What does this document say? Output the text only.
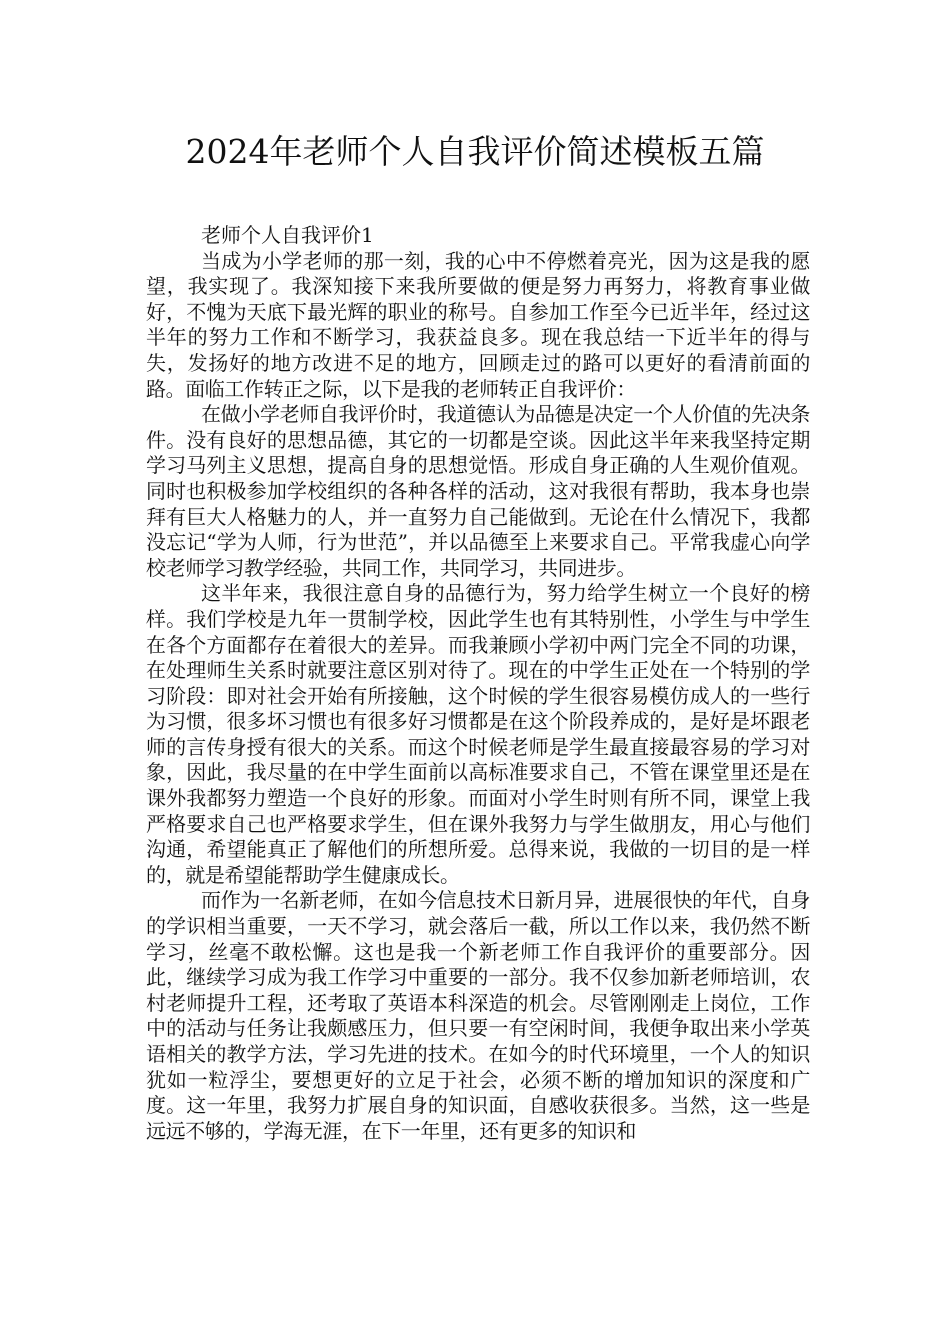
2024年老师个人自我评价简述模板五篇

老师个人自我评价1

当成为小学老师的那一刻，我的心中不停燃着亮光，因为这是我的愿望，我实现了。我深知接下来我所要做的便是努力再努力，将教育事业做好，不愧为天底下最光辉的职业的称号。自参加工作至今已近半年，经过这半年的努力工作和不断学习，我获益良多。现在我总结一下近半年的得与失，发扬好的地方改进不足的地方，回顾走过的路可以更好的看清前面的路。面临工作转正之际，以下是我的老师转正自我评价：

在做小学老师自我评价时，我道德认为品德是决定一个人价值的先决条件。没有良好的思想品德，其它的一切都是空谈。因此这半年来我坚持定期学习马列主义思想，提高自身的思想觉悟。形成自身正确的人生观价值观。同时也积极参加学校组织的各种各样的活动，这对我很有帮助，我本身也崇拜有巨大人格魅力的人，并一直努力自己能做到。无论在什么情况下，我都没忘记“学为人师，行为世范”，并以品德至上来要求自己。平常我虚心向学校老师学习教学经验，共同工作，共同学习，共同进步。

这半年来，我很注意自身的品德行为，努力给学生树立一个良好的榜样。我们学校是九年一贯制学校，因此学生也有其特别性，小学生与中学生在各个方面都存在着很大的差异。而我兼顾小学初中两门完全不同的功课，在处理师生关系时就要注意区别对待了。现在的中学生正处在一个特别的学习阶段：即对社会开始有所接触，这个时候的学生很容易模仿成人的一些行为习惯，很多坏习惯也有很多好习惯都是在这个阶段养成的，是好是坏跟老师的言传身授有很大的关系。而这个时候老师是学生最直接最容易的学习对象，因此，我尽量的在中学生面前以高标准要求自己，不管在课堂里还是在课外我都努力塑造一个良好的形象。而面对小学生时则有所不同，课堂上我严格要求自己也严格要求学生，但在课外我努力与学生做朋友，用心与他们沟通，希望能真正了解他们的所想所爱。总得来说，我做的一切目的是一样的，就是希望能帮助学生健康成长。

而作为一名新老师，在如今信息技术日新月异，进展很快的年代，自身的学识相当重要，一天不学习，就会落后一截，所以工作以来，我仍然不断学习，丝毫不敢松懈。这也是我一个新老师工作自我评价的重要部分。因此，继续学习成为我工作学习中重要的一部分。我不仅参加新老师培训，农村老师提升工程，还考取了英语本科深造的机会。尽管刚刚走上岗位，工作中的活动与任务让我颇感压力，但只要一有空闲时间，我便争取出来小学英语相关的教学方法，学习先进的技术。在如今的时代环境里，一个人的知识犹如一粒浮尘，要想更好的立足于社会，必须不断的增加知识的深度和广度。这一年里，我努力扩展自身的知识面，自感收获很多。当然，这一些是远远不够的，学海无涯，在下一年里，还有更多的知识和
